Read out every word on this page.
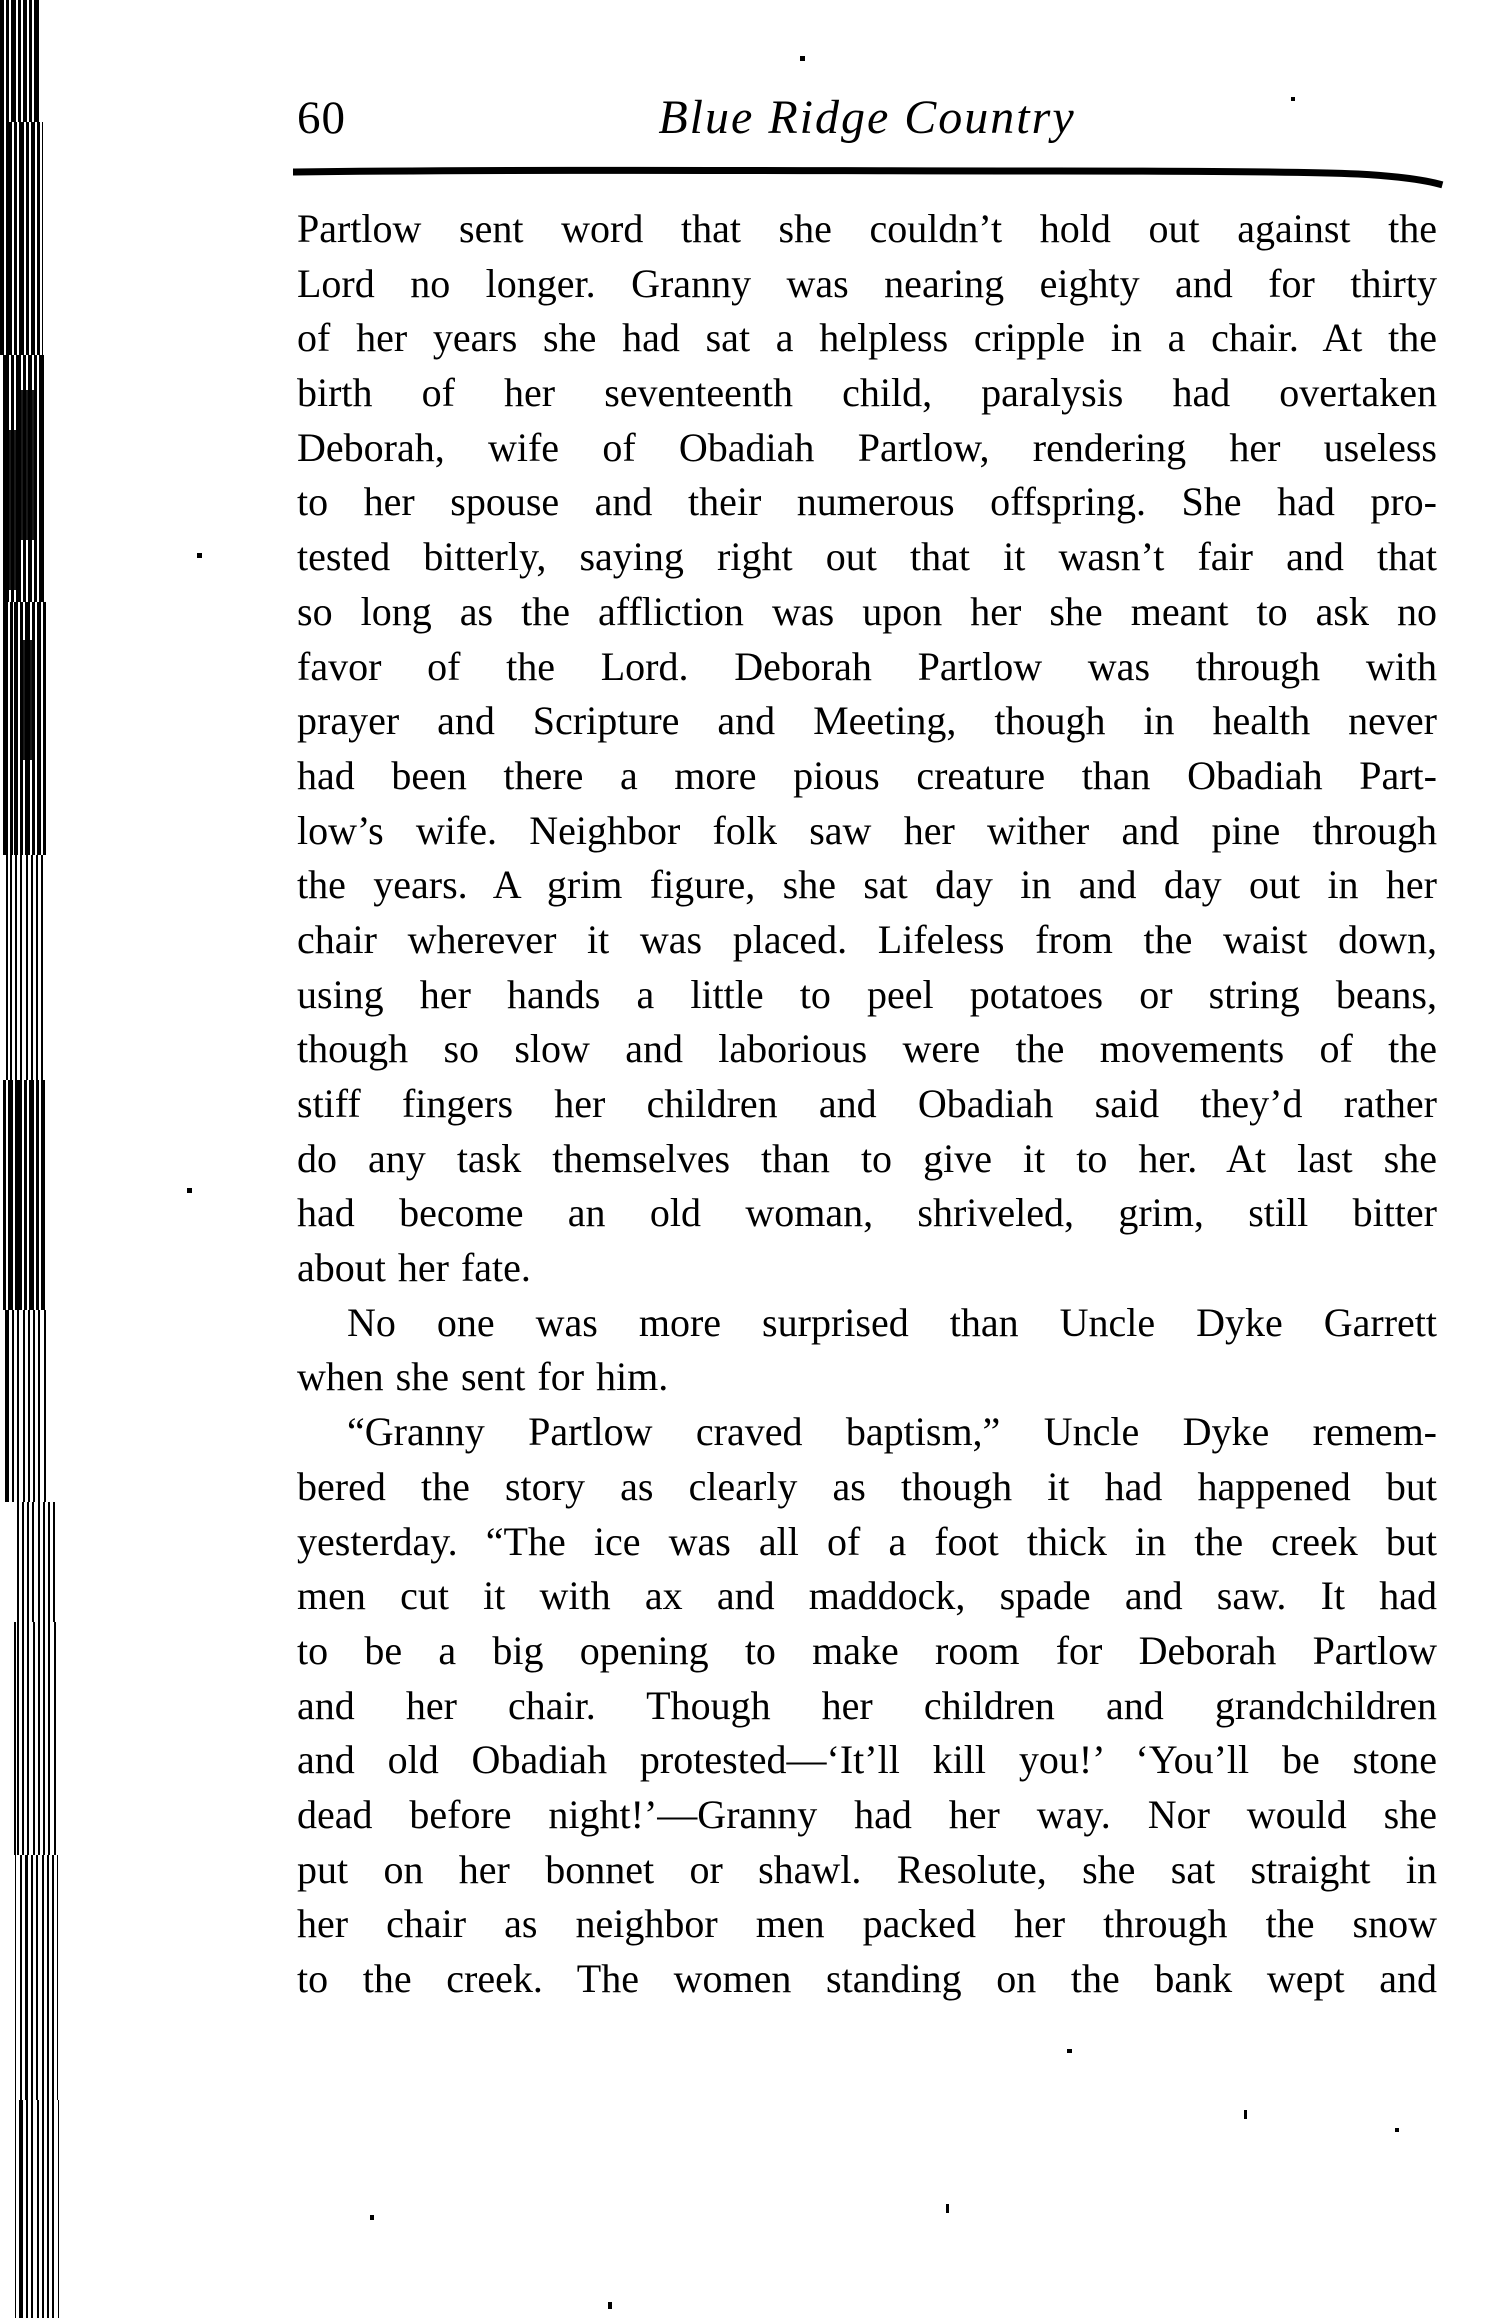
60	Blue Ridge Country
Partlow sent word that she couldn’t hold out against the
Lord no longer. Granny was nearing eighty and for thirty
of her years she had sat a helpless cripple in a chair. At the
birth of her seventeenth child, paralysis had overtaken
Deborah, wife of Obadiah Partlow, rendering her useless
to her spouse and their numerous offspring. She had pro-
tested bitterly, saying right out that it wasn’t fair and that
so long as the affliction was upon her she meant to ask no
favor of the Lord. Deborah Partlow was through with
prayer and Scripture and Meeting, though in health never
had been there a more pious creature than Obadiah Part-
low’s wife. Neighbor folk saw her wither and pine through
the years. A grim figure, she sat day in and day out in her
chair wherever it was placed. Lifeless from the waist down,
using her hands a little to peel potatoes or string beans,
though so slow and laborious were the movements of the
stiff fingers her children and Obadiah said they’d rather
do any task themselves than to give it to her. At last she
had become an old woman, shriveled, grim, still bitter
about her fate.
No one was more surprised than Uncle Dyke Garrett
when she sent for him.
“Granny Partlow craved baptism,” Uncle Dyke remem-
bered the story as clearly as though it had happened but
yesterday. “The ice was all of a foot thick in the creek but
men cut it with ax and maddock, spade and saw. It had
to be a big opening to make room for Deborah Partlow
and her chair. Though her children and grandchildren
and old Obadiah protested—‘It’ll kill you!’ ‘You’ll be stone
dead before night!’—Granny had her way. Nor would she
put on her bonnet or shawl. Resolute, she sat straight in
her chair as neighbor men packed her through the snow
to the creek. The women standing on the bank wept and
